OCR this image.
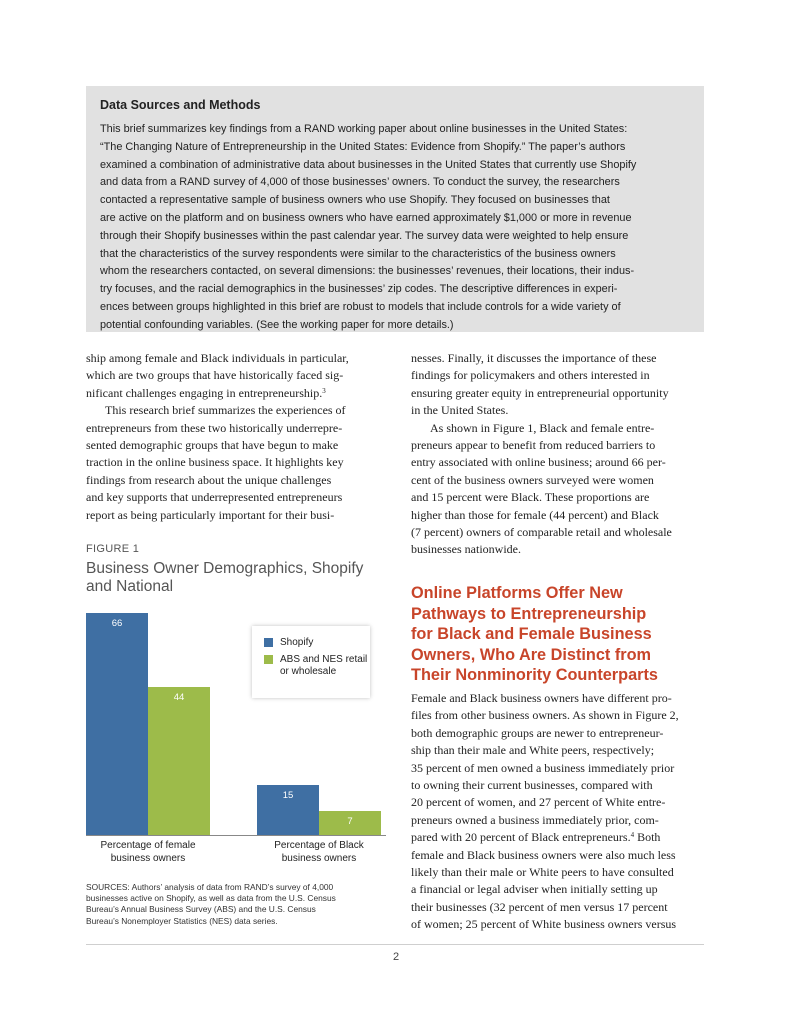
Data Sources and Methods
This brief summarizes key findings from a RAND working paper about online businesses in the United States:
“The Changing Nature of Entrepreneurship in the United States: Evidence from Shopify.” The paper’s authors
examined a combination of administrative data about businesses in the United States that currently use Shopify
and data from a RAND survey of 4,000 of those businesses’ owners. To conduct the survey, the researchers
contacted a representative sample of business owners who use Shopify. They focused on businesses that
are active on the platform and on business owners who have earned approximately $1,000 or more in revenue
through their Shopify businesses within the past calendar year. The survey data were weighted to help ensure
that the characteristics of the survey respondents were similar to the characteristics of the business owners
whom the researchers contacted, on several dimensions: the businesses’ revenues, their locations, their indus-
try focuses, and the racial demographics in the businesses’ zip codes. The descriptive differences in experi-
ences between groups highlighted in this brief are robust to models that include controls for a wide variety of
potential confounding variables. (See the working paper for more details.)
ship among female and Black individuals in particular,
which are two groups that have historically faced sig-
nificant challenges engaging in entrepreneurship.$^3$
This research brief summarizes the experiences of
entrepreneurs from these two historically underrepre-
sented demographic groups that have begun to make
traction in the online business space. It highlights key
findings from research about the unique challenges
and key supports that underrepresented entrepreneurs
report as being particularly important for their busi-
nesses. Finally, it discusses the importance of these
findings for policymakers and others interested in
ensuring greater equity in entrepreneurial opportunity
in the United States.
As shown in Figure 1, Black and female entre-
preneurs appear to benefit from reduced barriers to
entry associated with online business; around 66 per-
cent of the business owners surveyed were women
and 15 percent were Black. These proportions are
higher than those for female (44 percent) and Black
(7 percent) owners of comparable retail and wholesale
businesses nationwide.
Online Platforms Offer New
Pathways to Entrepreneurship
for Black and Female Business
Owners, Who Are Distinct from
Their Nonminority Counterparts
Female and Black business owners have different pro-
files from other business owners. As shown in Figure 2,
both demographic groups are newer to entrepreneur-
ship than their male and White peers, respectively;
35 percent of men owned a business immediately prior
to owning their current businesses, compared with
20 percent of women, and 27 percent of White entre-
preneurs owned a business immediately prior, com-
pared with 20 percent of Black entrepreneurs.$^4$ Both
female and Black business owners were also much less
likely than their male or White peers to have consulted
a financial or legal adviser when initially setting up
their businesses (32 percent of men versus 17 percent
of women; 25 percent of White business owners versus
FIGURE 1
Business Owner Demographics, Shopify and National
Percentage of female business owners
Percentage of Black business owners
66
44
15
7
Shopify
ABS and NES retail or wholesale
SOURCES: Authors’ analysis of data from RAND’s survey of 4,000
businesses active on Shopify, as well as data from the U.S. Census
Bureau’s Annual Business Survey (ABS) and the U.S. Census
Bureau’s Nonemployer Statistics (NES) data series.
2
